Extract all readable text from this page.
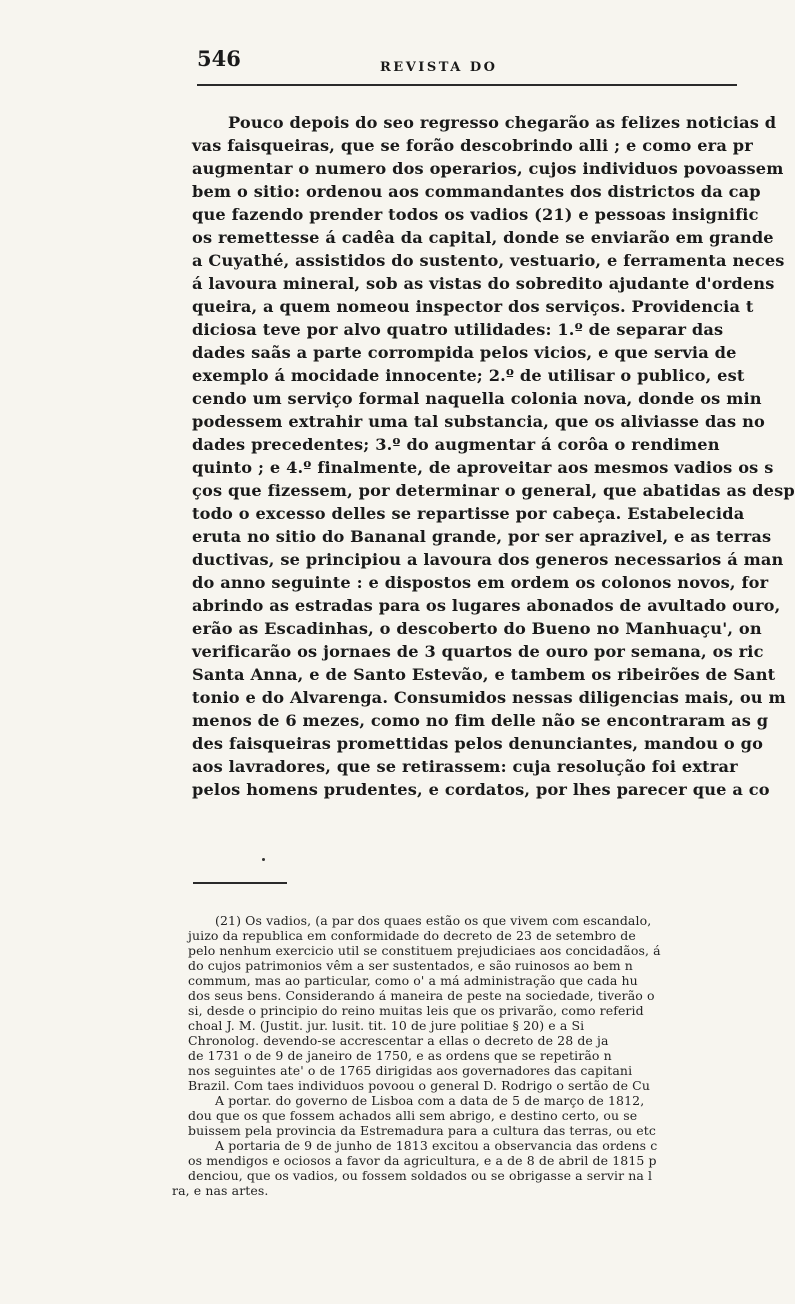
546	REVISTA DO
Pouco depois do seo regresso chegarão as felizes noticias d
vas faisqueiras, que se forão descobrindo alli ; e como era pr
augmentar o numero dos operarios, cujos individuos povoassem
bem o sitio: ordenou aos commandantes dos districtos da cap
que fazendo prender todos os vadios (21) e pessoas insignific
os remettesse á cadêa da capital, donde se enviarão em grande
a Cuyathé, assistidos do sustento, vestuario, e ferramenta neces
á lavoura mineral, sob as vistas do sobredito ajudante d'ordens
queira, a quem nomeou inspector dos serviços. Providencia t
diciosa teve por alvo quatro utilidades: 1.º de separar das
dades saãs a parte corrompida pelos vicios, e que servia de
exemplo á mocidade innocente; 2.º de utilisar o publico, est
cendo um serviço formal naquella colonia nova, donde os min
podessem extrahir uma tal substancia, que os aliviasse das no
dades precedentes; 3.º do augmentar á corôa o rendimen
quinto ; e 4.º finalmente, de aproveitar aos mesmos vadios os s
ços que fizessem, por determinar o general, que abatidas as desp
todo o excesso delles se repartisse por cabeça. Estabelecida
eruta no sitio do Bananal grande, por ser aprazivel, e as terras
ductivas, se principiou a lavoura dos generos necessarios á man
do anno seguinte : e dispostos em ordem os colonos novos, for
abrindo as estradas para os lugares abonados de avultado ouro,
erão as Escadinhas, o descoberto do Bueno no Manhuaçu', on
verificarão os jornaes de 3 quartos de ouro por semana, os ric
Santa Anna, e de Santo Estevão, e tambem os ribeirões de Sant
tonio e do Alvarenga. Consumidos nessas diligencias mais, ou m
menos de 6 mezes, como no fim delle não se encontraram as g
des faisqueiras promettidas pelos denunciantes, mandou o go
aos lavradores, que se retirassem: cuja resolução foi extrar
pelos homens prudentes, e cordatos, por lhes parecer que a co
(21) Os vadios, (a par dos quaes estão os que vivem com escandalo,
juizo da republica em conformidade do decreto de 23 de setembro de
pelo nenhum exercicio util se constituem prejudiciaes aos concidadãos, á
do cujos patrimonios vêm a ser sustentados, e são ruinosos ao bem n
commum, mas ao particular, como o' a má administração que cada hu
dos seus bens. Considerando á maneira de peste na sociedade, tiverão o
si, desde o principio do reino muitas leis que os privarão, como referid
choal J. M. (Justit. jur. lusit. tit. 10 de jure politiae § 20) e a Si
Chronolog. devendo-se accrescentar a ellas o decreto de 28 de ja
de 1731 o de 9 de janeiro de 1750, e as ordens que se repetirão n
nos seguintes ate' o de 1765 dirigidas aos governadores das capitani
Brazil. Com taes individuos povoou o general D. Rodrigo o sertão de Cu
A portar. do governo de Lisboa com a data de 5 de março de 1812,
dou que os que fossem achados alli sem abrigo, e destino certo, ou se
buissem pela provincia da Estremadura para a cultura das terras, ou etc
A portaria de 9 de junho de 1813 excitou a observancia das ordens c
os mendigos e ociosos a favor da agricultura, e a de 8 de abril de 1815 p
denciou, que os vadios, ou fossem soldados ou se obrigasse a servir na l
ra, e nas artes.
